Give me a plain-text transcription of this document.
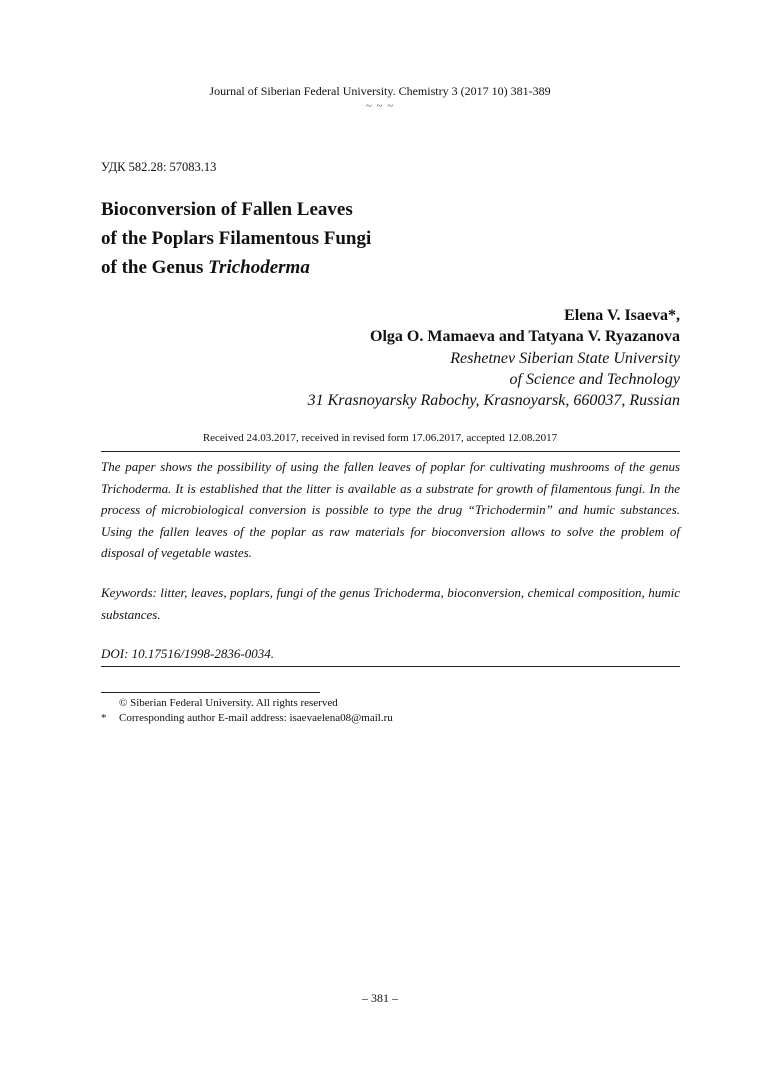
Journal of Siberian Federal University. Chemistry 3 (2017 10) 381-389
~ ~ ~
УДК 582.28: 57083.13
Bioconversion of Fallen Leaves
of the Poplars Filamentous Fungi
of the Genus Trichoderma
Elena V. Isaeva*,
Olga O. Mamaeva and Tatyana V. Ryazanova
Reshetnev Siberian State University
of Science and Technology
31 Krasnoyarsky Rabochy, Krasnoyarsk, 660037, Russian
Received 24.03.2017, received in revised form 17.06.2017, accepted 12.08.2017
The paper shows the possibility of using the fallen leaves of poplar for cultivating mushrooms of the genus Trichoderma. It is established that the litter is available as a substrate for growth of filamentous fungi. In the process of microbiological conversion is possible to type the drug “Trichodermin” and humic substances. Using the fallen leaves of the poplar as raw materials for bioconversion allows to solve the problem of disposal of vegetable wastes.
Keywords: litter, leaves, poplars, fungi of the genus Trichoderma, bioconversion, chemical composition, humic substances.
DOI: 10.17516/1998-2836-0034.
© Siberian Federal University. All rights reserved
* Corresponding author E-mail address: isaevaelena08@mail.ru
– 381 –
